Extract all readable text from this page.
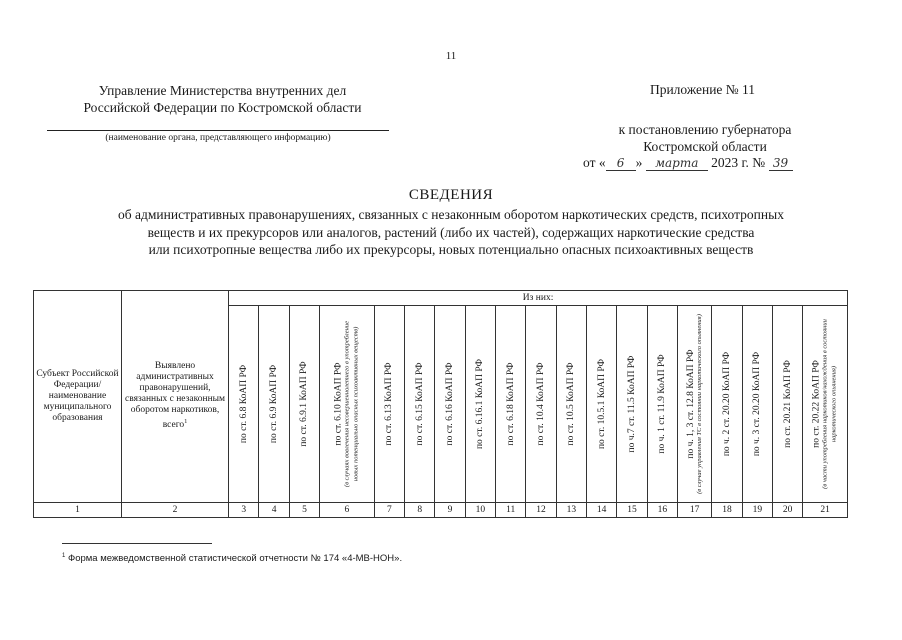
11
Управление Министерства внутренних дел
Российской Федерации по Костромской области
(наименование органа, представляющего информацию)
Приложение № 11
к постановлению губернатора
Костромской области
от « 6 » марта 2023 г. № 39
СВЕДЕНИЯ
об административных правонарушениях, связанных с незаконным оборотом наркотических средств, психотропных
веществ и их прекурсоров или аналогов, растений (либо их частей), содержащих наркотические средства
или психотропные вещества либо их прекурсоры, новых потенциально опасных психоактивных веществ
Субъект Российской Федерации/ наименование муниципального образования	Выявлено административных правонарушений, связанных с незаконным оборотом наркотиков, всего$^1$	Из них:																		

		по ст. 6.8 КоАП РФ	по ст. 6.9 КоАП РФ	по ст. 6.9.1 КоАП РФ	по ст. 6.10 КоАП РФ (в случаях вовлечения несовершеннолетнего в употребление новых потенциально опасных психоактивных веществ)	по ст. 6.13 КоАП РФ	по ст. 6.15 КоАП РФ	по ст. 6.16 КоАП РФ	по ст. 6.16.1 КоАП РФ	по ст. 6.18 КоАП РФ	по ст. 10.4 КоАП РФ	по ст. 10.5 КоАП РФ	по ст. 10.5.1 КоАП РФ	по ч.7 ст. 11.5 КоАП РФ	по ч. 1 ст. 11.9 КоАП РФ	по ч. 1, 3 ст. 12.8 КоАП РФ (в случае управления ТС в состоянии наркотического опьянения)	по ч. 2 ст. 20.20 КоАП РФ	по ч. 3 ст. 20.20 КоАП РФ	по ст. 20.21 КоАП РФ	по ст. 20.22 КоАП РФ (в части употребления наркотиков/нахождения в состоянии наркотического опьянения)

1	2	3	4	5	6	7	8	9	10	11	12	13	14	15	16	17	18	19	20	21
$^1$ Форма межведомственной статистической отчетности № 174 «4-МВ-НОН».
